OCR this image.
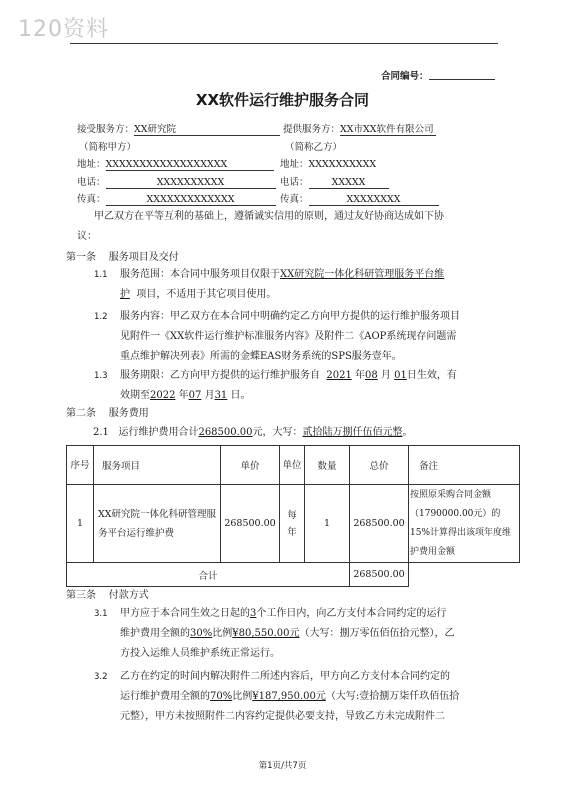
120资料
合同编号：
XX软件运行维护服务合同
接受服务方：XX研究院	提供服务方：XX市XX软件有限公司
（简称甲方）	（简称乙方）
地址：XXXXXXXXXXXXXXXXXX	地址：XXXXXXXXXX
电话：	XXXXXXXXXX	电话： XXXXX
传真：	XXXXXXXXXXXXX	传真：	XXXXXXXX
甲乙双方在平等互利的基础上，遵循诚实信用的原则，通过友好协商达成如下协
议：
第一条 服务项目及交付
1.1 服务范围：本合同中服务项目仅限于XX研究院一体化科研管理服务平台维
护 项目，不适用于其它项目使用。
1.2 服务内容：甲乙双方在本合同中明确约定乙方向甲方提供的运行维护服务项目
见附件一《XX软件运行维护标准服务内容》及附件二《AOP系统现存问题需
重点维护解决列表》所需的金蝶EAS财务系统的SPS服务壹年。
1.3 服务期限：乙方向甲方提供的运行维护服务自 2021 年08 月 01日生效，有
效期至2022 年07 月31 日。
第二条 服务费用
2.1 运行维护费用合计268500.00元，大写：贰拾陆万捌仟伍佰元整。
序号	服务项目	单价	单位	数量	总价	备注
1	XX研究院一体化科研管理服务平台运行维护费	268500.00	每年	1	268500.00	按照原采购合同金额（1790000.00元）的15%计算得出该项年度维护费用金额
合计					268500.00	
第三条 付款方式
3.1 甲方应于本合同生效之日起的3个工作日内，向乙方支付本合同约定的运行
维护费用全额的30%比例¥80,550.00元（大写：捌万零伍佰伍拾元整），乙
方投入运维人员维护系统正常运行。
3.2 乙方在约定的时间内解决附件二所述内容后，甲方向乙方支付本合同约定的
运行维护费用全额的70%比例¥187,950.00元（大写:壹拾捌万柒仟玖佰伍拾
元整），甲方未按照附件二内容约定提供必要支持，导致乙方未完成附件二
第1页/共7页
